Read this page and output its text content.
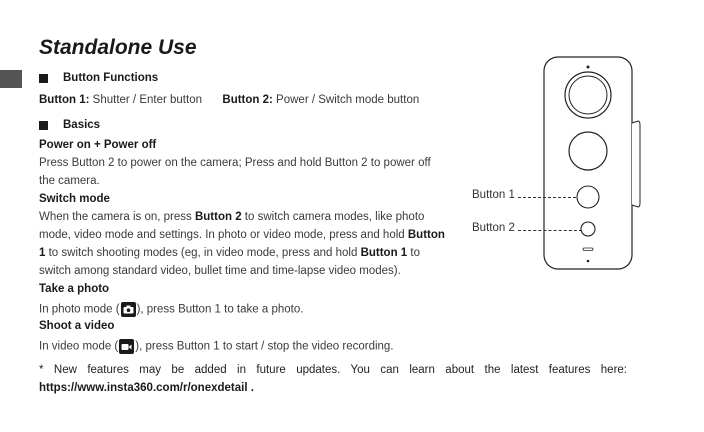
Standalone Use
Button Functions
Button 1: Shutter / Enter button Button 2: Power / Switch mode button
Basics
Power on + Power off
Press Button 2 to power on the camera; Press and hold Button 2 to power off
the camera.
Switch mode
When the camera is on, press Button 2 to switch camera modes, like photo
mode, video mode and settings. In photo or video mode, press and hold Button
1 to switch shooting modes (eg, in video mode, press and hold Button 1 to
switch among standard video, bullet time and time-lapse video modes).
Take a photo
In photo mode ( ), press Button 1 to take a photo.
Shoot a video
In video mode ( ), press Button 1 to start / stop the video recording.
* New features may be added in future updates. You can learn about the latest features here: https://www.insta360.com/r/onexdetail .
Button 1
Button 2
